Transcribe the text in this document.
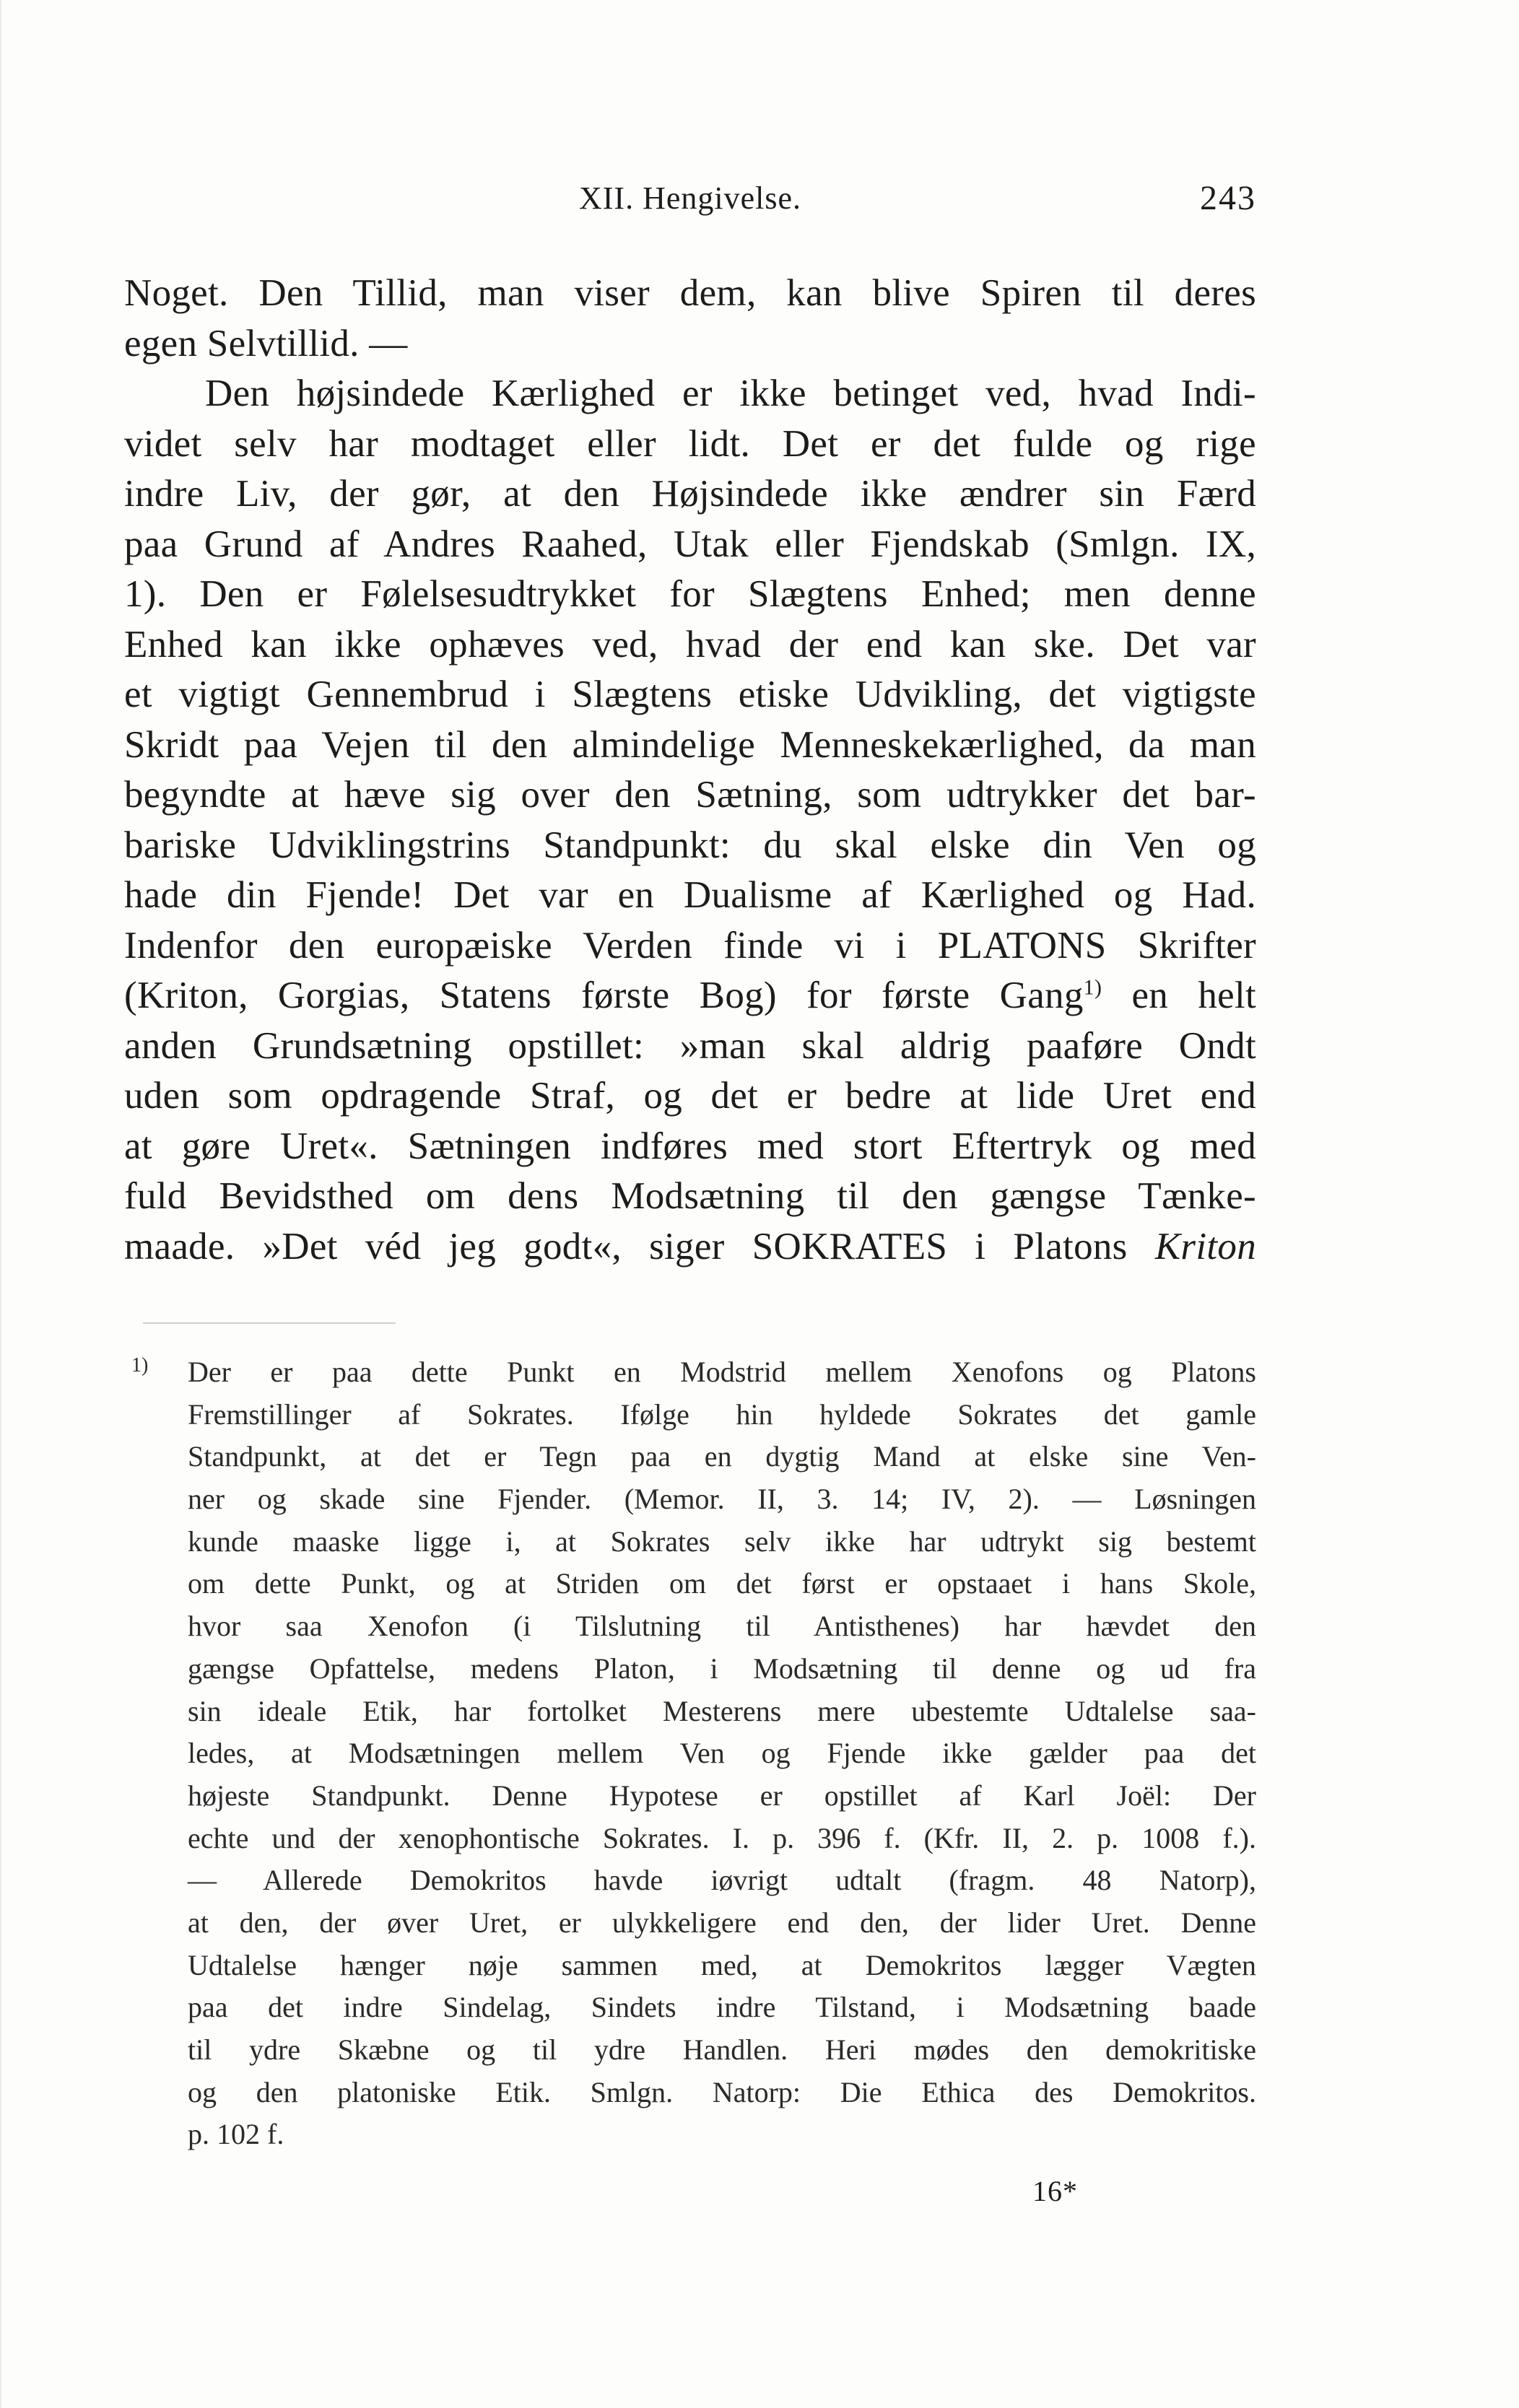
XII. Hengivelse.	243
Noget. Den Tillid, man viser dem, kan blive Spiren til deres
egen Selvtillid. —
Den højsindede Kærlighed er ikke betinget ved, hvad Indi-
videt selv har modtaget eller lidt. Det er det fulde og rige
indre Liv, der gør, at den Højsindede ikke ændrer sin Færd
paa Grund af Andres Raahed, Utak eller Fjendskab (Smlgn. IX,
1). Den er Følelsesudtrykket for Slægtens Enhed; men denne
Enhed kan ikke ophæves ved, hvad der end kan ske. Det var
et vigtigt Gennembrud i Slægtens etiske Udvikling, det vigtigste
Skridt paa Vejen til den almindelige Menneskekærlighed, da man
begyndte at hæve sig over den Sætning, som udtrykker det bar-
bariske Udviklingstrins Standpunkt: du skal elske din Ven og
hade din Fjende! Det var en Dualisme af Kærlighed og Had.
Indenfor den europæiske Verden finde vi i PLATONS Skrifter
(Kriton, Gorgias, Statens første Bog) for første Gang$^{1)}$ en helt
anden Grundsætning opstillet: »man skal aldrig paaføre Ondt
uden som opdragende Straf, og det er bedre at lide Uret end
at gøre Uret«. Sætningen indføres med stort Eftertryk og med
fuld Bevidsthed om dens Modsætning til den gængse Tænke-
maade. »Det véd jeg godt«, siger SOKRATES i Platons Kriton
1) Der er paa dette Punkt en Modstrid mellem Xenofons og Platons
Fremstillinger af Sokrates. Ifølge hin hyldede Sokrates det gamle
Standpunkt, at det er Tegn paa en dygtig Mand at elske sine Ven-
ner og skade sine Fjender. (Memor. II, 3. 14; IV, 2). — Løsningen
kunde maaske ligge i, at Sokrates selv ikke har udtrykt sig bestemt
om dette Punkt, og at Striden om det først er opstaaet i hans Skole,
hvor saa Xenofon (i Tilslutning til Antisthenes) har hævdet den
gængse Opfattelse, medens Platon, i Modsætning til denne og ud fra
sin ideale Etik, har fortolket Mesterens mere ubestemte Udtalelse saa-
ledes, at Modsætningen mellem Ven og Fjende ikke gælder paa det
højeste Standpunkt. Denne Hypotese er opstillet af Karl Joël: Der
echte und der xenophontische Sokrates. I. p. 396 f. (Kfr. II, 2. p. 1008 f.).
— Allerede Demokritos havde iøvrigt udtalt (fragm. 48 Natorp),
at den, der øver Uret, er ulykkeligere end den, der lider Uret. Denne
Udtalelse hænger nøje sammen med, at Demokritos lægger Vægten
paa det indre Sindelag, Sindets indre Tilstand, i Modsætning baade
til ydre Skæbne og til ydre Handlen. Heri mødes den demokritiske
og den platoniske Etik. Smlgn. Natorp: Die Ethica des Demokritos.
p. 102 f.
16*
